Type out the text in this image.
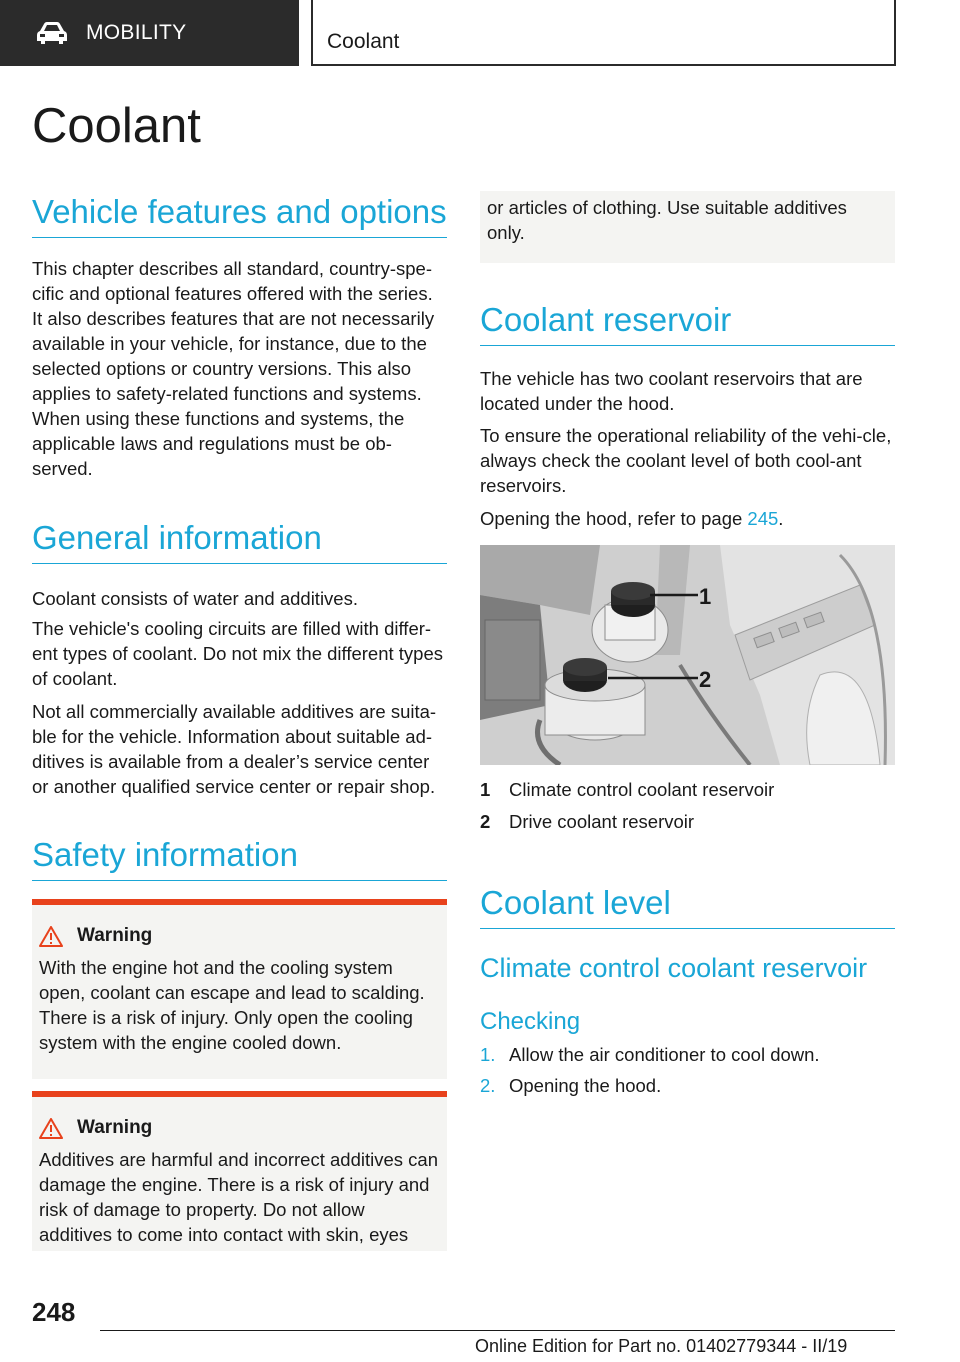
MOBILITY	Coolant
Coolant
Vehicle features and options

This chapter describes all standard, country-spe-cific and optional features offered with the series. It also describes features that are not necessarily available in your vehicle, for instance, due to the selected options or country versions. This also applies to safety-related functions and systems. When using these functions and systems, the applicable laws and regulations must be ob-served.

General information

Coolant consists of water and additives.

The vehicle's cooling circuits are filled with differ-ent types of coolant. Do not mix the different types of coolant.

Not all commercially available additives are suita-ble for the vehicle. Information about suitable ad-ditives is available from a dealer’s service center or another qualified service center or repair shop.

Safety information
Warning

With the engine hot and the cooling system open, coolant can escape and lead to scalding. There is a risk of injury. Only open the cooling system with the engine cooled down.

Warning

Additives are harmful and incorrect additives can damage the engine. There is a risk of injury and risk of damage to property. Do not allow additives to come into contact with skin, eyes

or articles of clothing. Use suitable additives only.
Coolant reservoir

The vehicle has two coolant reservoirs that are located under the hood.

To ensure the operational reliability of the vehi-cle, always check the coolant level of both cool-ant reservoirs.

Opening the hood, refer to page 245.

1
2
1	Climate control coolant reservoir
2	Drive coolant reservoir
Coolant level
Climate control coolant reservoir
Checking
1. Allow the air conditioner to cool down.
2. Opening the hood.
248
Online Edition for Part no. 01402779344 - II/19
